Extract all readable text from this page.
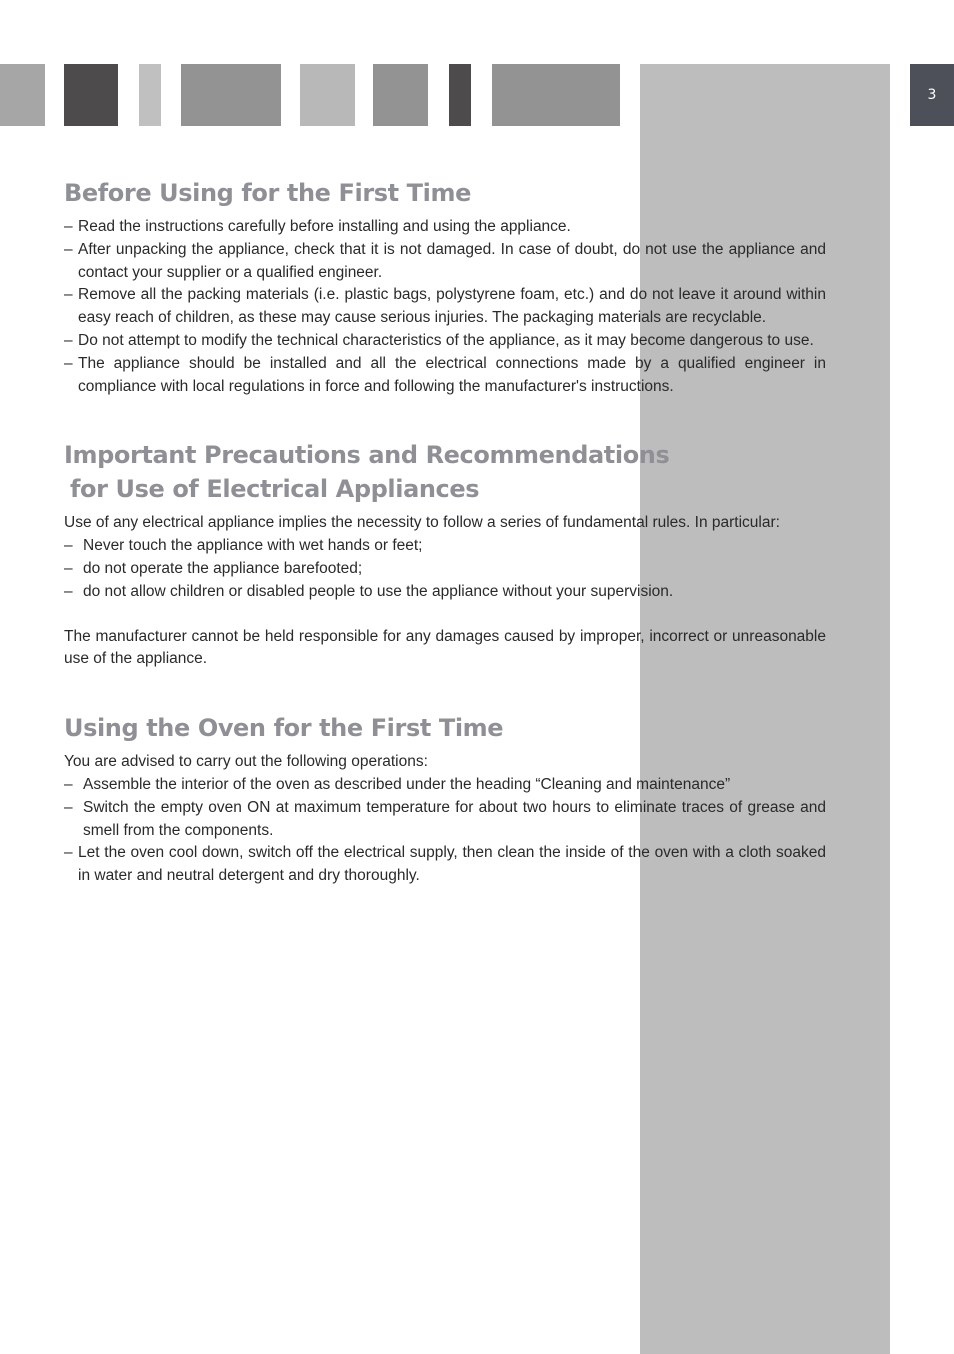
3
Before Using for the First Time
– Read the instructions carefully before installing and using the appliance.
– After unpacking the appliance, check that it is not damaged. In case of doubt, do not use the appliance and contact your supplier or a qualified engineer.
– Remove all the packing materials (i.e. plastic bags, polystyrene foam, etc.) and do not leave it around within easy reach of children, as these may cause serious injuries. The packaging materials are recyclable.
– Do not attempt to modify the technical characteristics of the appliance, as it may become dangerous to use.
– The appliance should be installed and all the electrical connections made by a qualified engineer in compliance with local regulations in force and following the manufacturer's instructions.
Important Precautions and Recommendations
for Use of Electrical Appliances

Use of any electrical appliance implies the necessity to follow a series of fundamental rules. In particular:

– Never touch the appliance with wet hands or feet;
– do not operate the appliance barefooted;
– do not allow children or disabled people to use the appliance without your supervision.

The manufacturer cannot be held responsible for any damages caused by improper, incorrect or unreasonable use of the appliance.

Using the Oven for the First Time

You are advised to carry out the following operations:

– Assemble the interior of the oven as described under the heading “Cleaning and maintenance”
– Switch the empty oven ON at maximum temperature for about two hours to eliminate traces of grease and smell from the components.
– Let the oven cool down, switch off the electrical supply, then clean the inside of the oven with a cloth soaked in water and neutral detergent and dry thoroughly.
